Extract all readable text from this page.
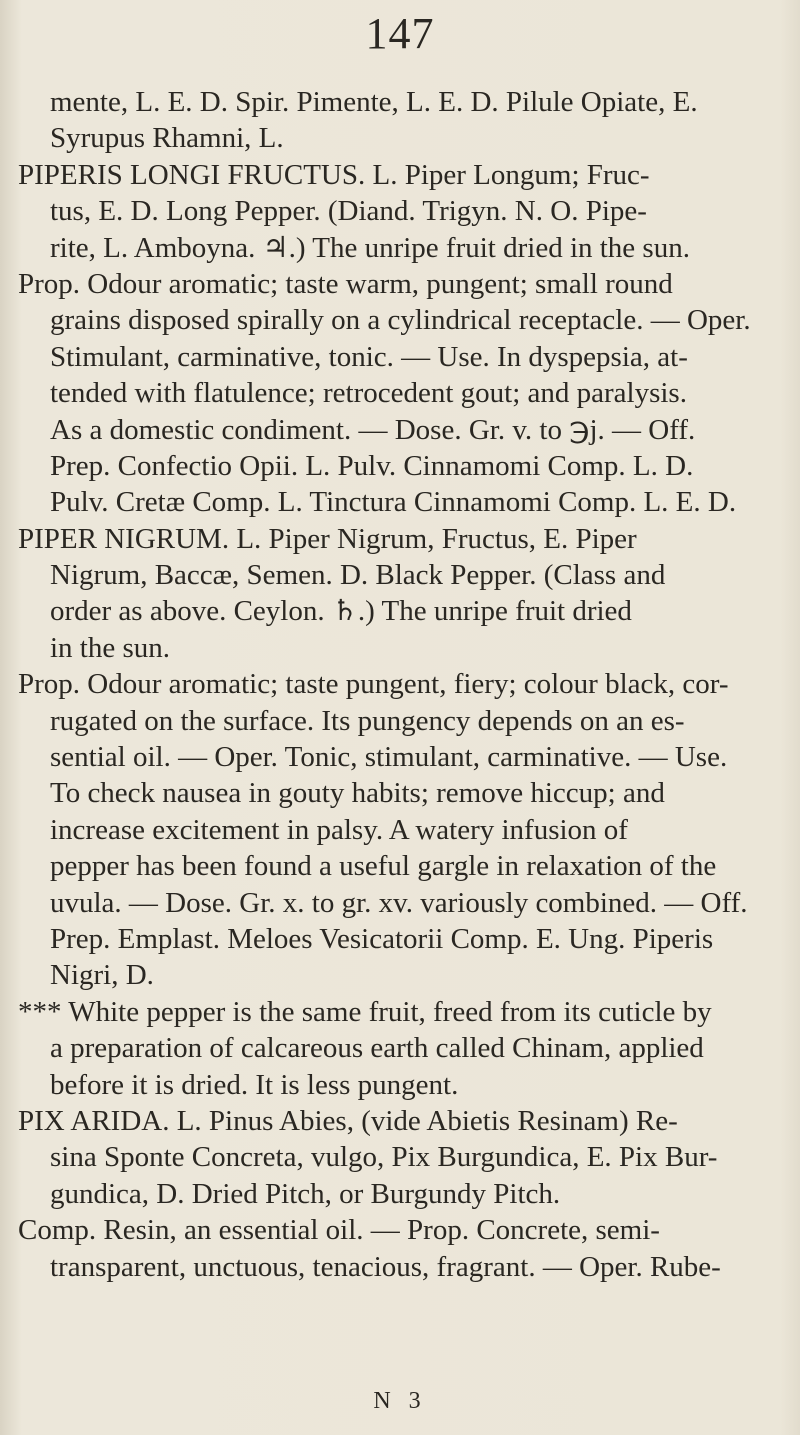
147
mente, L. E. D. Spir. Pimente, L. E. D. Pilule Opiate, E.
Syrupus Rhamni, L.
PIPERIS LONGI FRUCTUS. L. Piper Longum; Fruc-
tus, E. D. Long Pepper. (Diand. Trigyn. N. O. Pipe-
rite, L. Amboyna. ♃.) The unripe fruit dried in the sun.
Prop. Odour aromatic; taste warm, pungent; small round
grains disposed spirally on a cylindrical receptacle. — Oper.
Stimulant, carminative, tonic. — Use. In dyspepsia, at-
tended with flatulence; retrocedent gout; and paralysis.
As a domestic condiment. — Dose. Gr. v. to ℈j. — Off.
Prep. Confectio Opii. L. Pulv. Cinnamomi Comp. L. D.
Pulv. Cretæ Comp. L. Tinctura Cinnamomi Comp. L. E. D.
PIPER NIGRUM. L. Piper Nigrum, Fructus, E. Piper
Nigrum, Baccæ, Semen. D. Black Pepper. (Class and
order as above. Ceylon. ♄.) The unripe fruit dried
in the sun.
Prop. Odour aromatic; taste pungent, fiery; colour black, cor-
rugated on the surface. Its pungency depends on an es-
sential oil. — Oper. Tonic, stimulant, carminative. — Use.
To check nausea in gouty habits; remove hiccup; and
increase excitement in palsy. A watery infusion of
pepper has been found a useful gargle in relaxation of the
uvula. — Dose. Gr. x. to gr. xv. variously combined. — Off.
Prep. Emplast. Meloes Vesicatorii Comp. E. Ung. Piperis
Nigri, D.
*** White pepper is the same fruit, freed from its cuticle by
a preparation of calcareous earth called Chinam, applied
before it is dried. It is less pungent.
PIX ARIDA. L. Pinus Abies, (vide Abietis Resinam) Re-
sina Sponte Concreta, vulgo, Pix Burgundica, E. Pix Bur-
gundica, D. Dried Pitch, or Burgundy Pitch.
Comp. Resin, an essential oil. — Prop. Concrete, semi-
transparent, unctuous, tenacious, fragrant. — Oper. Rube-
N 3
